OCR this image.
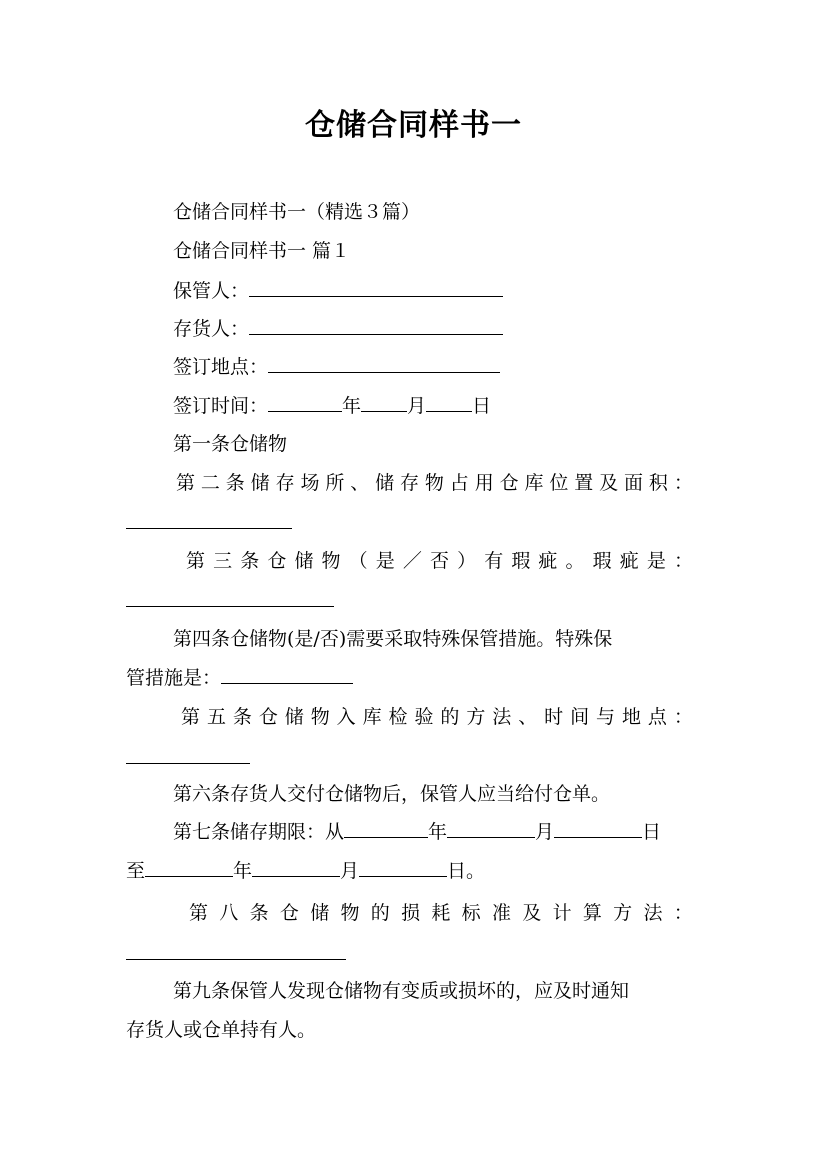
仓储合同样书一
仓储合同样书一（精选３篇）
仓储合同样书一 篇１
保管人：
存货人：
签订地点：
签订时间：	年 月 日
第一条仓储物
第 二 条 储 存 场 所 、 储 存 物 占 用 仓 库 位 置 及 面 积 ：
第 三 条 仓 储 物 （ 是 ／ 否 ） 有 瑕 疵 。 瑕 疵 是 ：
第四条仓储物(是/否)需要采取特殊保管措施。特殊保
管措施是：
第 五 条 仓 储 物 入 库 检 验 的 方 法 、 时 间 与 地 点 ：
第六条存货人交付仓储物后，保管人应当给付仓单。
第七条储存期限：从	年	月	日
至	年	月	日。
第 八 条 仓 储 物 的 损 耗 标 准 及 计 算 方 法 ：
第九条保管人发现仓储物有变质或损坏的，应及时通知
存货人或仓单持有人。
